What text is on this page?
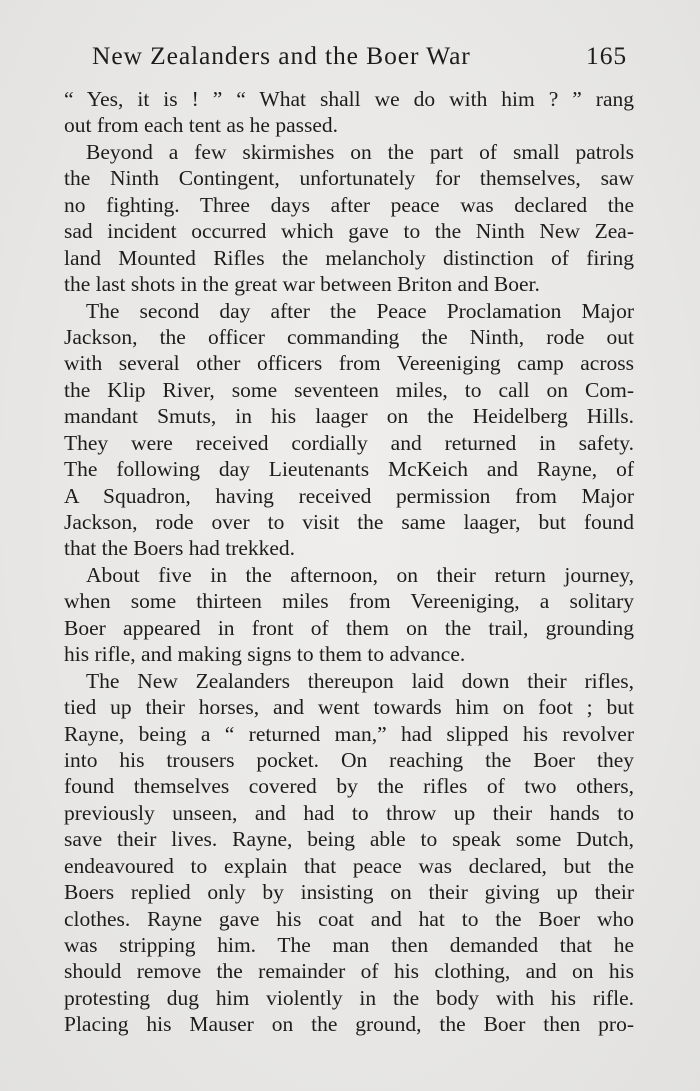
New Zealanders and the Boer War	165
“ Yes, it is ! ” “ What shall we do with him ? ” rang
out from each tent as he passed.
Beyond a few skirmishes on the part of small patrols
the Ninth Contingent, unfortunately for themselves, saw
no fighting. Three days after peace was declared the
sad incident occurred which gave to the Ninth New Zea-
land Mounted Rifles the melancholy distinction of firing
the last shots in the great war between Briton and Boer.
The second day after the Peace Proclamation Major
Jackson, the officer commanding the Ninth, rode out
with several other officers from Vereeniging camp across
the Klip River, some seventeen miles, to call on Com-
mandant Smuts, in his laager on the Heidelberg Hills.
They were received cordially and returned in safety.
The following day Lieutenants McKeich and Rayne, of
A Squadron, having received permission from Major
Jackson, rode over to visit the same laager, but found
that the Boers had trekked.
About five in the afternoon, on their return journey,
when some thirteen miles from Vereeniging, a solitary
Boer appeared in front of them on the trail, grounding
his rifle, and making signs to them to advance.
The New Zealanders thereupon laid down their rifles,
tied up their horses, and went towards him on foot ; but
Rayne, being a “ returned man,” had slipped his revolver
into his trousers pocket. On reaching the Boer they
found themselves covered by the rifles of two others,
previously unseen, and had to throw up their hands to
save their lives. Rayne, being able to speak some Dutch,
endeavoured to explain that peace was declared, but the
Boers replied only by insisting on their giving up their
clothes. Rayne gave his coat and hat to the Boer who
was stripping him. The man then demanded that he
should remove the remainder of his clothing, and on his
protesting dug him violently in the body with his rifle.
Placing his Mauser on the ground, the Boer then pro-
